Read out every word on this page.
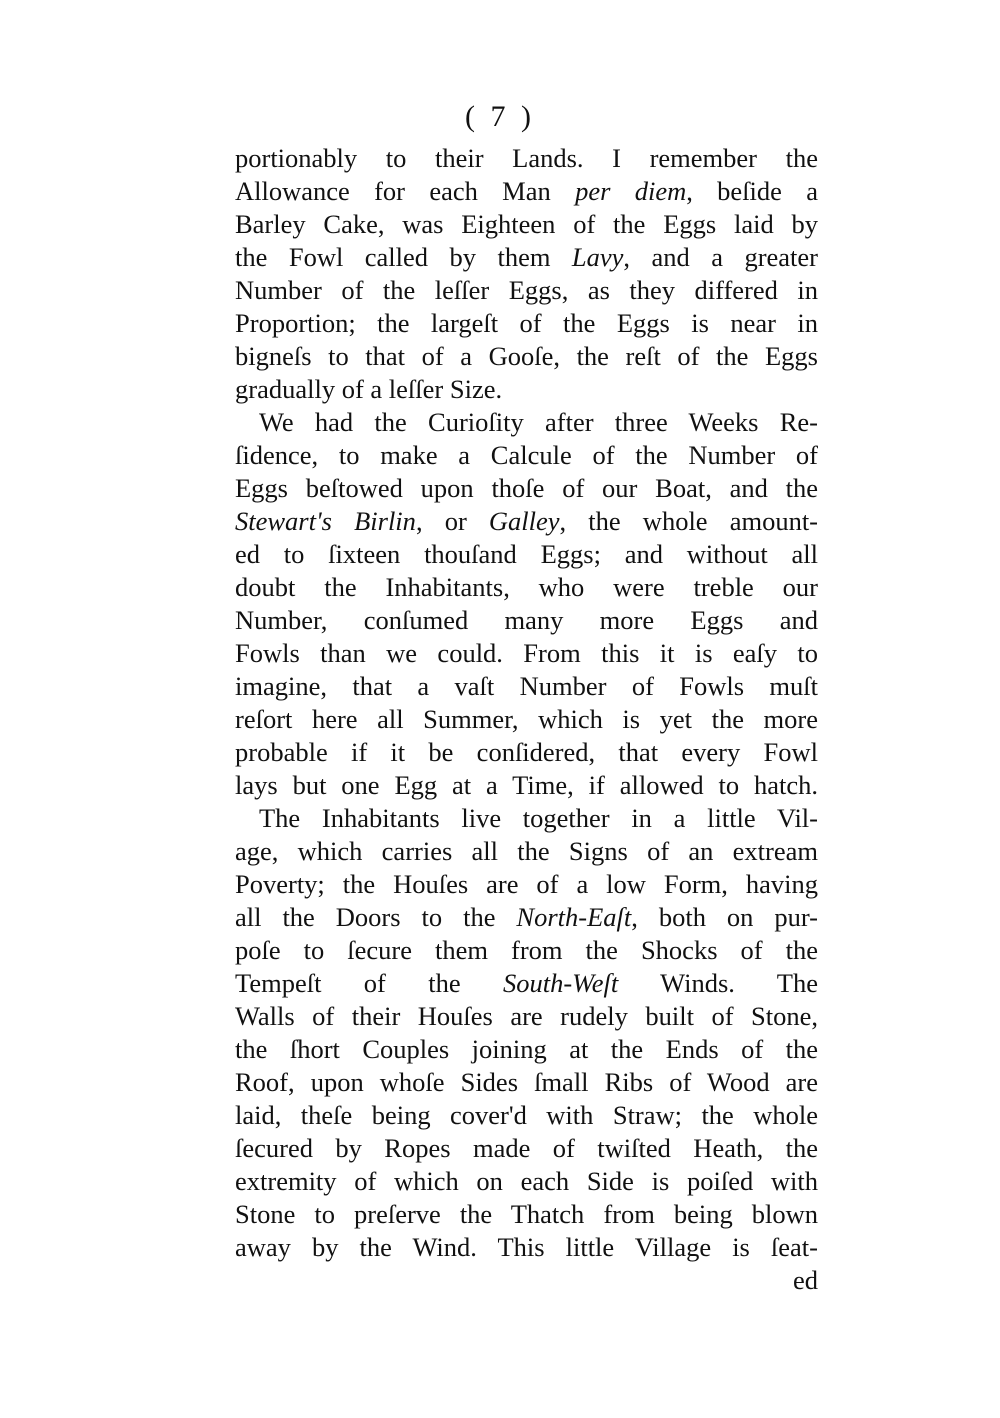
( 7 )
portionably to their Lands. I remember the
Allowance for each Man per diem, beſide a
Barley Cake, was Eighteen of the Eggs laid by
the Fowl called by them Lavy, and a greater
Number of the leſſer Eggs, as they differed in
Proportion; the largeſt of the Eggs is near in
bigneſs to that of a Gooſe, the reſt of the Eggs
gradually of a leſſer Size.
We had the Curioſity after three Weeks Re-
ſidence, to make a Calcule of the Number of
Eggs beſtowed upon thoſe of our Boat, and the
Stewart's Birlin, or Galley, the whole amount-
ed to ſixteen thouſand Eggs; and without all
doubt the Inhabitants, who were treble our
Number, conſumed many more Eggs and
Fowls than we could. From this it is eaſy to
imagine, that a vaſt Number of Fowls muſt
reſort here all Summer, which is yet the more
probable if it be conſidered, that every Fowl
lays but one Egg at a Time, if allowed to hatch.
The Inhabitants live together in a little Vil-
age, which carries all the Signs of an extream
Poverty; the Houſes are of a low Form, having
all the Doors to the North-Eaſt, both on pur-
poſe to ſecure them from the Shocks of the
Tempeſt of the South-Weſt Winds. The
Walls of their Houſes are rudely built of Stone,
the ſhort Couples joining at the Ends of the
Roof, upon whoſe Sides ſmall Ribs of Wood are
laid, theſe being cover'd with Straw; the whole
ſecured by Ropes made of twiſted Heath, the
extremity of which on each Side is poiſed with
Stone to preſerve the Thatch from being blown
away by the Wind. This little Village is ſeat-
ed
